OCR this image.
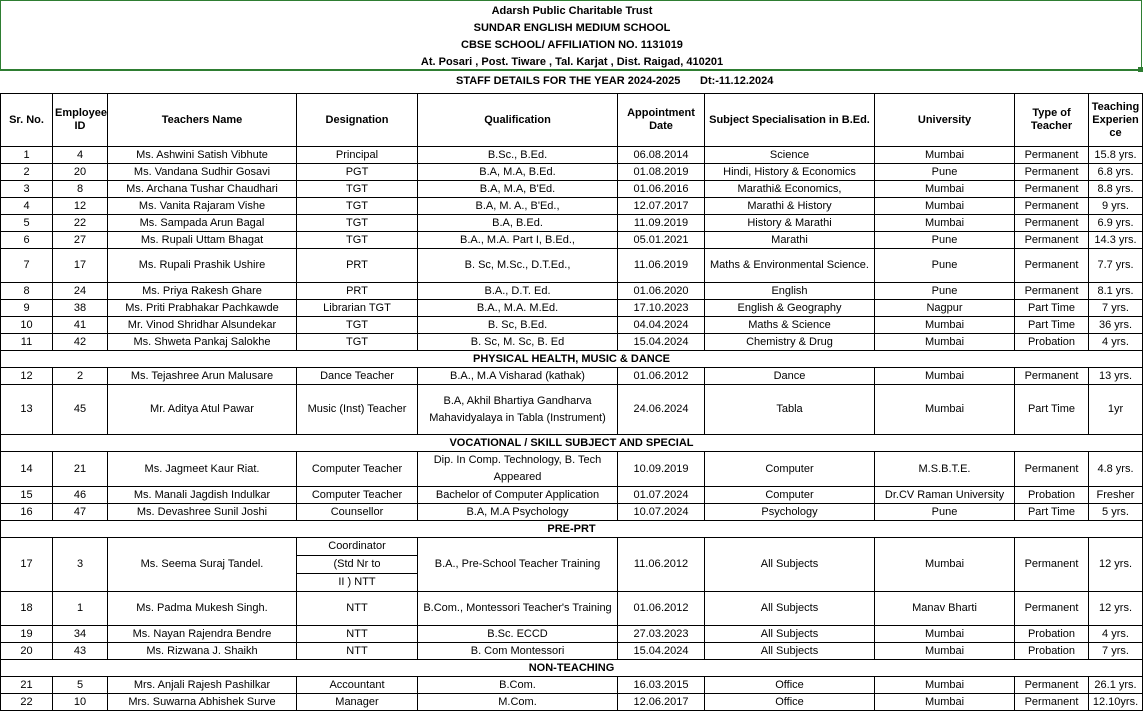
Adarsh Public Charitable Trust
SUNDAR ENGLISH MEDIUM SCHOOL
CBSE SCHOOL/ AFFILIATION NO. 1131019
At. Posari , Post. Tiware , Tal. Karjat , Dist. Raigad, 410201
STAFF DETAILS FOR THE YEAR 2024-2025 Dt:-11.12.2024
Sr. No.	Employee ID	Teachers Name	Designation	Qualification	Appointment Date	Subject Specialisation in B.Ed.	University	Type of Teacher	Teaching Experience
1	4	Ms. Ashwini Satish Vibhute	Principal	B.Sc., B.Ed.	06.08.2014	Science	Mumbai	Permanent	15.8 yrs.
2	20	Ms. Vandana Sudhir Gosavi	PGT	B.A, M.A, B.Ed.	01.08.2019	Hindi, History & Economics	Pune	Permanent	6.8 yrs.
3	8	Ms. Archana Tushar Chaudhari	TGT	B.A, M.A, B'Ed.	01.06.2016	Marathi& Economics,	Mumbai	Permanent	8.8 yrs.
4	12	Ms. Vanita Rajaram Vishe	TGT	B.A, M. A., B'Ed.,	12.07.2017	Marathi & History	Mumbai	Permanent	9 yrs.
5	22	Ms. Sampada Arun Bagal	TGT	B.A, B.Ed.	11.09.2019	History & Marathi	Mumbai	Permanent	6.9 yrs.
6	27	Ms. Rupali Uttam Bhagat	TGT	B.A., M.A. Part I, B.Ed.,	05.01.2021	Marathi	Pune	Permanent	14.3 yrs.
7	17	Ms. Rupali Prashik Ushire	PRT	B. Sc, M.Sc., D.T.Ed.,	11.06.2019	Maths & Environmental Science.	Pune	Permanent	7.7 yrs.
8	24	Ms. Priya Rakesh Ghare	PRT	B.A., D.T. Ed.	01.06.2020	English	Pune	Permanent	8.1 yrs.
9	38	Ms. Priti Prabhakar Pachkawde	Librarian TGT	B.A., M.A. M.Ed.	17.10.2023	English & Geography	Nagpur	Part Time	7 yrs.
10	41	Mr. Vinod Shridhar Alsundekar	TGT	B. Sc, B.Ed.	04.04.2024	Maths & Science	Mumbai	Part Time	36 yrs.
11	42	Ms. Shweta Pankaj Salokhe	TGT	B. Sc, M. Sc, B. Ed	15.04.2024	Chemistry & Drug	Mumbai	Probation	4 yrs.
PHYSICAL HEALTH, MUSIC & DANCE									
12	2	Ms. Tejashree Arun Malusare	Dance Teacher	B.A., M.A Visharad (kathak)	01.06.2012	Dance	Mumbai	Permanent	13 yrs.
13	45	Mr. Aditya Atul Pawar	Music (Inst) Teacher	B.A, Akhil Bhartiya Gandharva Mahavidyalaya in Tabla (Instrument)	24.06.2024	Tabla	Mumbai	Part Time	1yr
VOCATIONAL / SKILL SUBJECT AND SPECIAL									
14	21	Ms. Jagmeet Kaur Riat.	Computer Teacher	Dip. In Comp. Technology, B. Tech Appeared	10.09.2019	Computer	M.S.B.T.E.	Permanent	4.8 yrs.
15	46	Ms. Manali Jagdish Indulkar	Computer Teacher	Bachelor of Computer Application	01.07.2024	Computer	Dr.CV Raman University	Probation	Fresher
16	47	Ms. Devashree Sunil Joshi	Counsellor	B.A, M.A Psychology	10.07.2024	Psychology	Pune	Part Time	5 yrs.
PRE-PRT									
17	3	Ms. Seema Suraj Tandel.	Coordinator
(Std Nr to
II ) NTT	B.A., Pre-School Teacher Training	11.06.2012	All Subjects	Mumbai	Permanent	12 yrs.
18	1	Ms. Padma Mukesh Singh.	NTT	B.Com., Montessori Teacher's Training	01.06.2012	All Subjects	Manav Bharti	Permanent	12 yrs.
19	34	Ms. Nayan Rajendra Bendre	NTT	B.Sc. ECCD	27.03.2023	All Subjects	Mumbai	Probation	4 yrs.
20	43	Ms. Rizwana J. Shaikh	NTT	B. Com Montessori	15.04.2024	All Subjects	Mumbai	Probation	7 yrs.
NON-TEACHING									
21	5	Mrs. Anjali Rajesh Pashilkar	Accountant	B.Com.	16.03.2015	Office	Mumbai	Permanent	26.1 yrs.
22	10	Mrs. Suwarna Abhishek Surve	Manager	M.Com.	12.06.2017	Office	Mumbai	Permanent	12.10yrs.
